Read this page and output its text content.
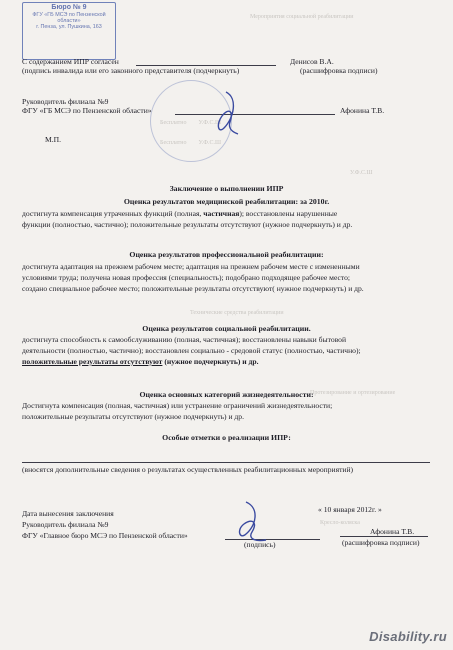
Мероприятия социальной реабилитации
Бесплатно        У.Ф.С.Ш
Бесплатно        У.Ф.С.Ш
У.Ф.С.Ш
Технические средства реабилитации
Протезирование и ортезирование
Кресло-коляска
Бюро № 9
ФГУ «ГБ МСЭ по Пензенской
области»
г. Пенза, ул. Пушкина, 163
С содержанием ИПР согласен	Денисов В.А.
(подпись инвалида или его законного представителя (подчеркнуть)	(расшифровка подписи)
Руководитель филиала №9
ФГУ «ГБ МСЭ по Пензенской области»	Афонина Т.В.
М.П.
Заключение о выполнении ИПР
Оценка результатов медицинской реабилитации: за 2010г.
достигнута компенсация утраченных функций (полная, частичная); восстановлены нарушенные
функции (полностью, частично); положительные результаты отсутствуют (нужное подчеркнуть) и др.
Оценка результатов профессиональной реабилитации:
достигнута адаптация на прежнем рабочем месте; адаптация на прежнем рабочем месте с измененными
условиями труда; получена новая профессия (специальность); подобрано подходящее рабочее место;
создано специальное рабочее место; положительные результаты отсутствуют( нужное подчеркнуть) и др.
Оценка результатов социальной реабилитации.
достигнута способность к самообслуживанию (полная, частичная); восстановлены навыки бытовой
деятельности (полностью, частично); восстановлен социально - средовой статус (полностью, частично);
положительные результаты отсутствуют (нужное подчеркнуть) и др.
Оценка основных категорий жизнедеятельности:
Достигнута компенсация (полная, частичная) или устранение ограничений жизнедеятельности;
положительные результаты отсутствуют (нужное подчеркнуть) и др.
Особые отметки о реализации ИПР:
(вносятся дополнительные сведения о результатах осуществленных реабилитационных мероприятий)
Дата вынесения заключения	« 10 января 2012г. »
Руководитель филиала №9
ФГУ «Главное бюро МСЭ по Пензенской области»	Афонина Т.В.
(подпись)	(расшифровка подписи)
Disability.ru
